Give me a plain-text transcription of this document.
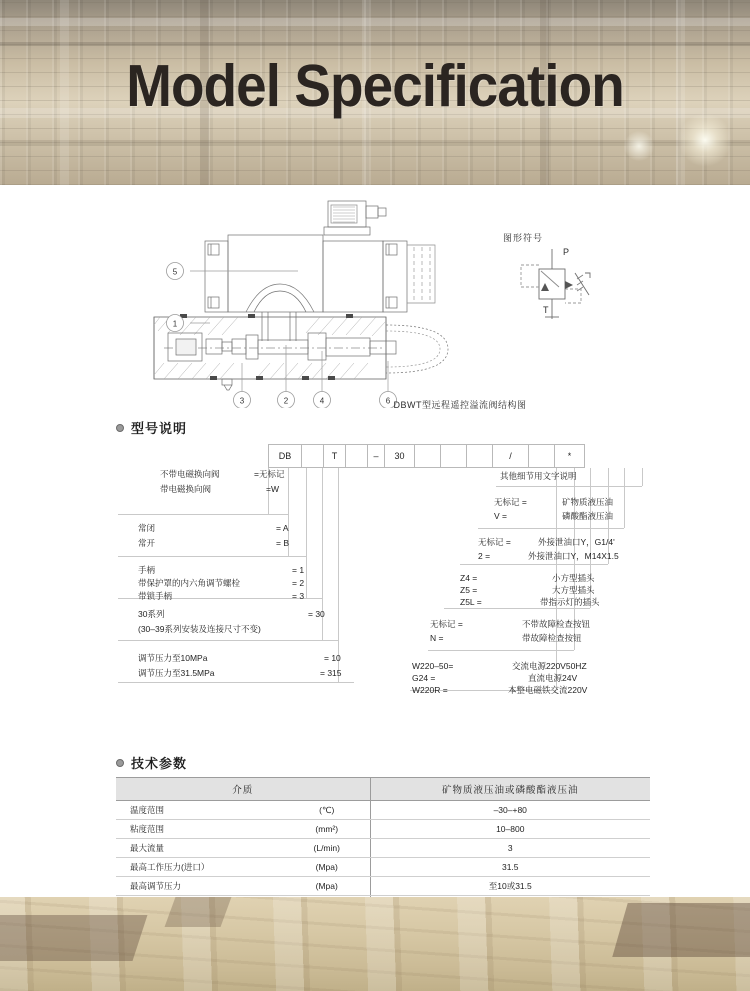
Model Specification
5
1
3	2	4	6
图形符号
P
T
DBWT型远程遥控溢流阀结构图
型号说明
DB	T	–	30	/	*
不带电磁换向阀	=无标记
带电磁换向阀	=W
常闭	= A
常开	= B
手柄	= 1
带保护罩的内六角调节螺栓	= 2
带锁手柄	= 3
30系列	= 30
(30–39系列安装及连接尺寸不变)
调节压力至10MPa	= 10
调节压力至31.5MPa	= 315
其他细节用文字说明
无标记 =	矿物质液压油
V =	磷酸酯液压油
无标记 =	外接泄油口Y，G1/4'
2 =	外接泄油口Y，M14X1.5
Z4 =	小方型插头
Z5 =	大方型插头
Z5L =	带指示灯的插头
无标记 =	不带故障检查按钮
N =	带故障检查按钮
W220–50=	交流电源220V50HZ
G24 =	直流电源24V
W220R =	本整电磁铁交流220V
技术参数
介质		矿物质液压油或磷酸酯液压油
温度范围	(℃)	–30–+80
粘度范围	(mm²)	10–800
最大流量	(L/min)	3
最高工作压力(进口）	(Mpa)	31.5
最高调节压力	(Mpa)	至10或31.5
